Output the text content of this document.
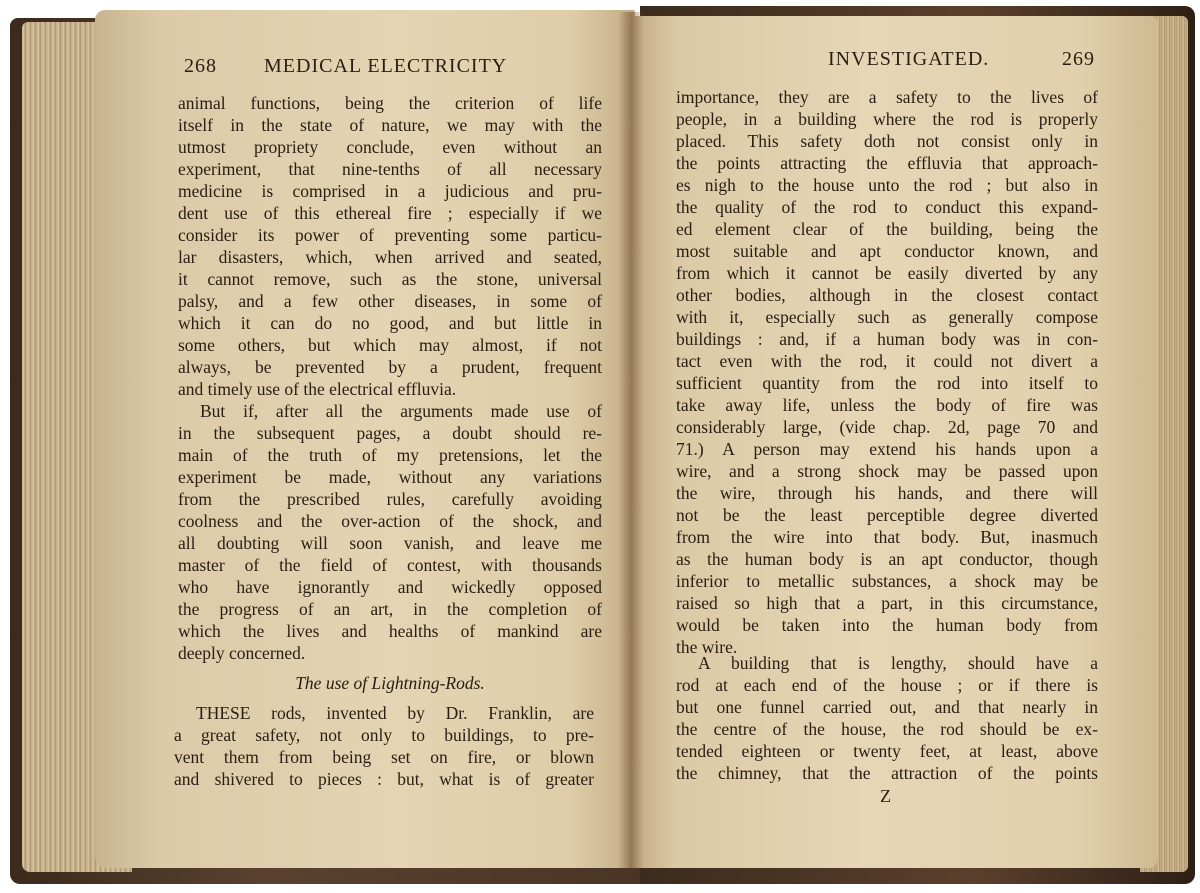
268 MEDICAL ELECTRICITY
animal functions, being the criterion of life
itself in the state of nature, we may with the
utmost propriety conclude, even without an
experiment, that nine-tenths of all necessary
medicine is comprised in a judicious and pru-
dent use of this ethereal fire ; especially if we
consider its power of preventing some particu-
lar disasters, which, when arrived and seated,
it cannot remove, such as the stone, universal
palsy, and a few other diseases, in some of
which it can do no good, and but little in
some others, but which may almost, if not
always, be prevented by a prudent, frequent
and timely use of the electrical effluvia.
But if, after all the arguments made use of
in the subsequent pages, a doubt should re-
main of the truth of my pretensions, let the
experiment be made, without any variations
from the prescribed rules, carefully avoiding
coolness and the over-action of the shock, and
all doubting will soon vanish, and leave me
master of the field of contest, with thousands
who have ignorantly and wickedly opposed
the progress of an art, in the completion of
which the lives and healths of mankind are
deeply concerned.
The use of Lightning-Rods.
THESE rods, invented by Dr. Franklin, are
a great safety, not only to buildings, to pre-
vent them from being set on fire, or blown
and shivered to pieces : but, what is of greater
INVESTIGATED.	269
importance, they are a safety to the lives of
people, in a building where the rod is properly
placed. This safety doth not consist only in
the points attracting the effluvia that approach-
es nigh to the house unto the rod ; but also in
the quality of the rod to conduct this expand-
ed element clear of the building, being the
most suitable and apt conductor known, and
from which it cannot be easily diverted by any
other bodies, although in the closest contact
with it, especially such as generally compose
buildings : and, if a human body was in con-
tact even with the rod, it could not divert a
sufficient quantity from the rod into itself to
take away life, unless the body of fire was
considerably large, (vide chap. 2d, page 70 and
71.) A person may extend his hands upon a
wire, and a strong shock may be passed upon
the wire, through his hands, and there will
not be the least perceptible degree diverted
from the wire into that body. But, inasmuch
as the human body is an apt conductor, though
inferior to metallic substances, a shock may be
raised so high that a part, in this circumstance,
would be taken into the human body from
the wire.
A building that is lengthy, should have a
rod at each end of the house ; or if there is
but one funnel carried out, and that nearly in
the centre of the house, the rod should be ex-
tended eighteen or twenty feet, at least, above
the chimney, that the attraction of the points
Z
